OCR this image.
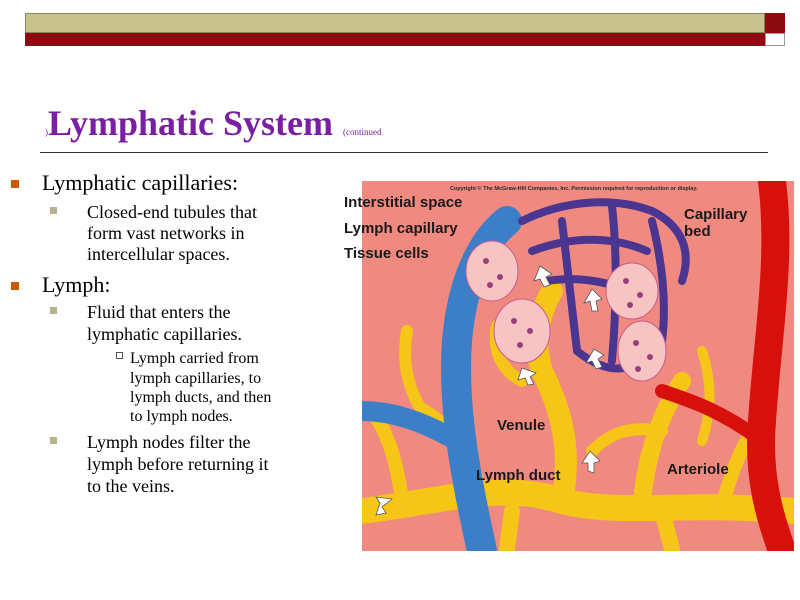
)Lymphatic System (continued
Lymphatic capillaries:
Closed-end tubules that
form vast networks in
intercellular spaces.
Lymph:
Fluid that enters the
lymphatic capillaries.
Lymph carried from
lymph capillaries, to
lymph ducts, and then
to lymph nodes.
Lymph nodes filter the
lymph before returning it
to the veins.
Copyright © The McGraw-Hill Companies, Inc. Permission required for reproduction or display.
Interstitial space
Lymph capillary
Tissue cells
Capillary
bed
Venule
Lymph duct	Arteriole
